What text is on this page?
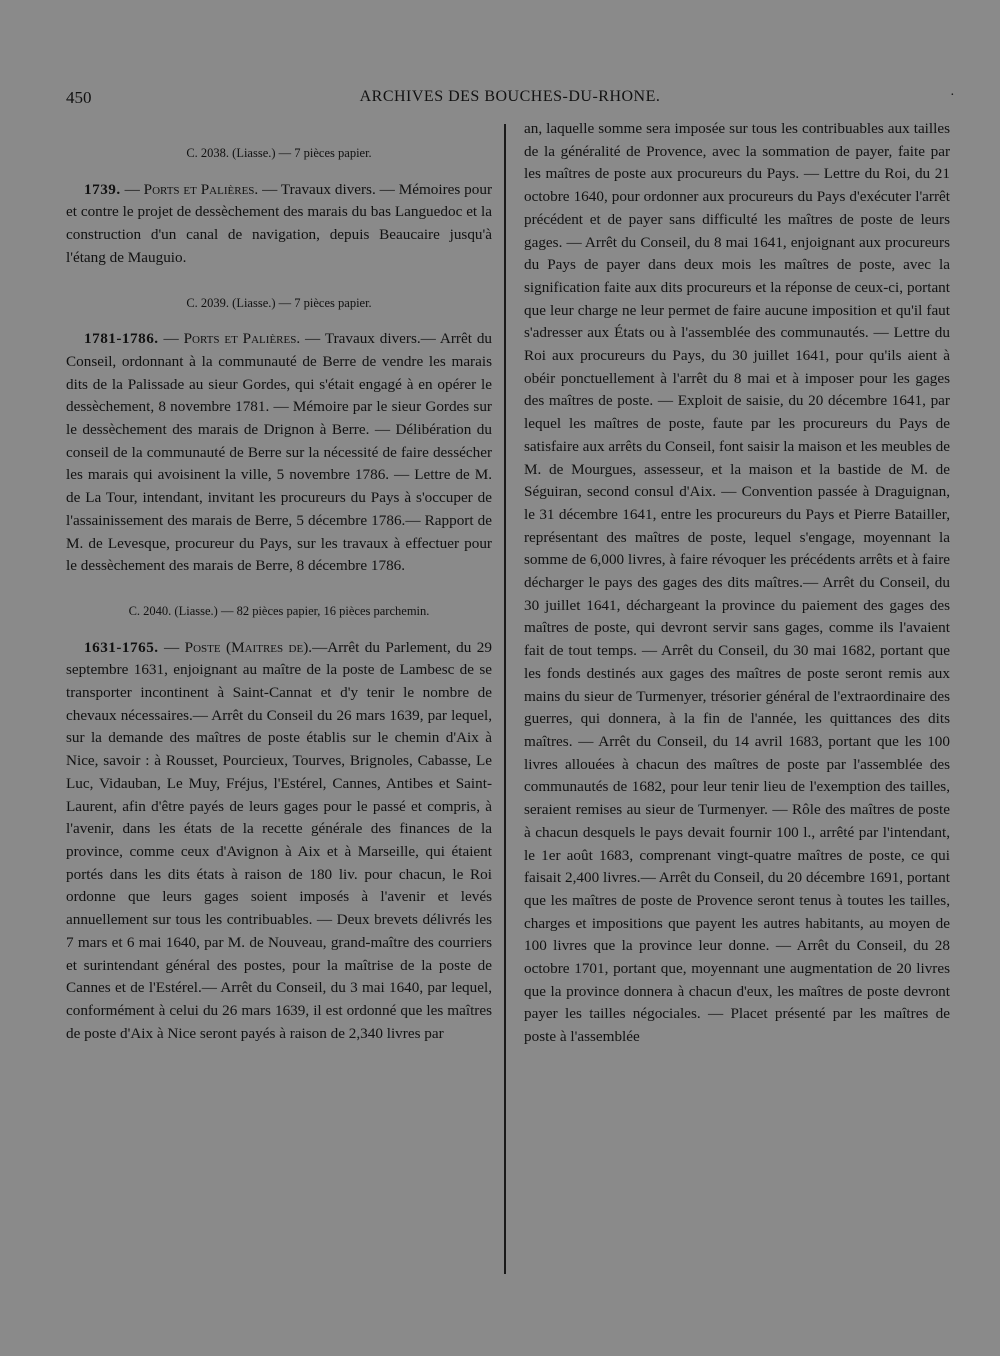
450	ARCHIVES DES BOUCHES-DU-RHONE.	·
C. 2038. (Liasse.) — 7 pièces papier.

1739. — Ports et Palières. — Travaux divers. — Mémoires pour et contre le projet de dessèchement des marais du bas Languedoc et la construction d'un canal de navigation, depuis Beaucaire jusqu'à l'étang de Mauguio.

C. 2039. (Liasse.) — 7 pièces papier.

1781-1786. — Ports et Palières. — Travaux divers.— Arrêt du Conseil, ordonnant à la communauté de Berre de vendre les marais dits de la Palissade au sieur Gordes, qui s'était engagé à en opérer le dessèchement, 8 novembre 1781. — Mémoire par le sieur Gordes sur le dessèchement des marais de Drignon à Berre. — Délibération du conseil de la communauté de Berre sur la nécessité de faire dessécher les marais qui avoisinent la ville, 5 novembre 1786. — Lettre de M. de La Tour, intendant, invitant les procureurs du Pays à s'occuper de l'assainissement des marais de Berre, 5 décembre 1786.— Rapport de M. de Levesque, procureur du Pays, sur les travaux à effectuer pour le dessèchement des marais de Berre, 8 décembre 1786.

C. 2040. (Liasse.) — 82 pièces papier, 16 pièces parchemin.

1631-1765. — Poste (Maitres de).—Arrêt du Parlement, du 29 septembre 1631, enjoignant au maître de la poste de Lambesc de se transporter incontinent à Saint-Cannat et d'y tenir le nombre de chevaux nécessaires.— Arrêt du Conseil du 26 mars 1639, par lequel, sur la demande des maîtres de poste établis sur le chemin d'Aix à Nice, savoir : à Rousset, Pourcieux, Tourves, Brignoles, Cabasse, Le Luc, Vidauban, Le Muy, Fréjus, l'Estérel, Cannes, Antibes et Saint-Laurent, afin d'être payés de leurs gages pour le passé et compris, à l'avenir, dans les états de la recette générale des finances de la province, comme ceux d'Avignon à Aix et à Marseille, qui étaient portés dans les dits états à raison de 180 liv. pour chacun, le Roi ordonne que leurs gages soient imposés à l'avenir et levés annuellement sur tous les contribuables. — Deux brevets délivrés les 7 mars et 6 mai 1640, par M. de Nouveau, grand-maître des courriers et surintendant général des postes, pour la maîtrise de la poste de Cannes et de l'Estérel.— Arrêt du Conseil, du 3 mai 1640, par lequel, conformément à celui du 26 mars 1639, il est ordonné que les maîtres de poste d'Aix à Nice seront payés à raison de 2,340 livres par

an, laquelle somme sera imposée sur tous les contribuables aux tailles de la généralité de Provence, avec la sommation de payer, faite par les maîtres de poste aux procureurs du Pays. — Lettre du Roi, du 21 octobre 1640, pour ordonner aux procureurs du Pays d'exécuter l'arrêt précédent et de payer sans difficulté les maîtres de poste de leurs gages. — Arrêt du Conseil, du 8 mai 1641, enjoignant aux procureurs du Pays de payer dans deux mois les maîtres de poste, avec la signification faite aux dits procureurs et la réponse de ceux-ci, portant que leur charge ne leur permet de faire aucune imposition et qu'il faut s'adresser aux États ou à l'assemblée des communautés. — Lettre du Roi aux procureurs du Pays, du 30 juillet 1641, pour qu'ils aient à obéir ponctuellement à l'arrêt du 8 mai et à imposer pour les gages des maîtres de poste. — Exploit de saisie, du 20 décembre 1641, par lequel les maîtres de poste, faute par les procureurs du Pays de satisfaire aux arrêts du Conseil, font saisir la maison et les meubles de M. de Mourgues, assesseur, et la maison et la bastide de M. de Séguiran, second consul d'Aix. — Convention passée à Draguignan, le 31 décembre 1641, entre les procureurs du Pays et Pierre Batailler, représentant des maîtres de poste, lequel s'engage, moyennant la somme de 6,000 livres, à faire révoquer les précédents arrêts et à faire décharger le pays des gages des dits maîtres.— Arrêt du Conseil, du 30 juillet 1641, déchargeant la province du paiement des gages des maîtres de poste, qui devront servir sans gages, comme ils l'avaient fait de tout temps. — Arrêt du Conseil, du 30 mai 1682, portant que les fonds destinés aux gages des maîtres de poste seront remis aux mains du sieur de Turmenyer, trésorier général de l'extraordinaire des guerres, qui donnera, à la fin de l'année, les quittances des dits maîtres. — Arrêt du Conseil, du 14 avril 1683, portant que les 100 livres allouées à chacun des maîtres de poste par l'assemblée des communautés de 1682, pour leur tenir lieu de l'exemption des tailles, seraient remises au sieur de Turmenyer. — Rôle des maîtres de poste à chacun desquels le pays devait fournir 100 l., arrêté par l'intendant, le 1er août 1683, comprenant vingt-quatre maîtres de poste, ce qui faisait 2,400 livres.— Arrêt du Conseil, du 20 décembre 1691, portant que les maîtres de poste de Provence seront tenus à toutes les tailles, charges et impositions que payent les autres habitants, au moyen de 100 livres que la province leur donne. — Arrêt du Conseil, du 28 octobre 1701, portant que, moyennant une augmentation de 20 livres que la province donnera à chacun d'eux, les maîtres de poste devront payer les tailles négociales. — Placet présenté par les maîtres de poste à l'assemblée
